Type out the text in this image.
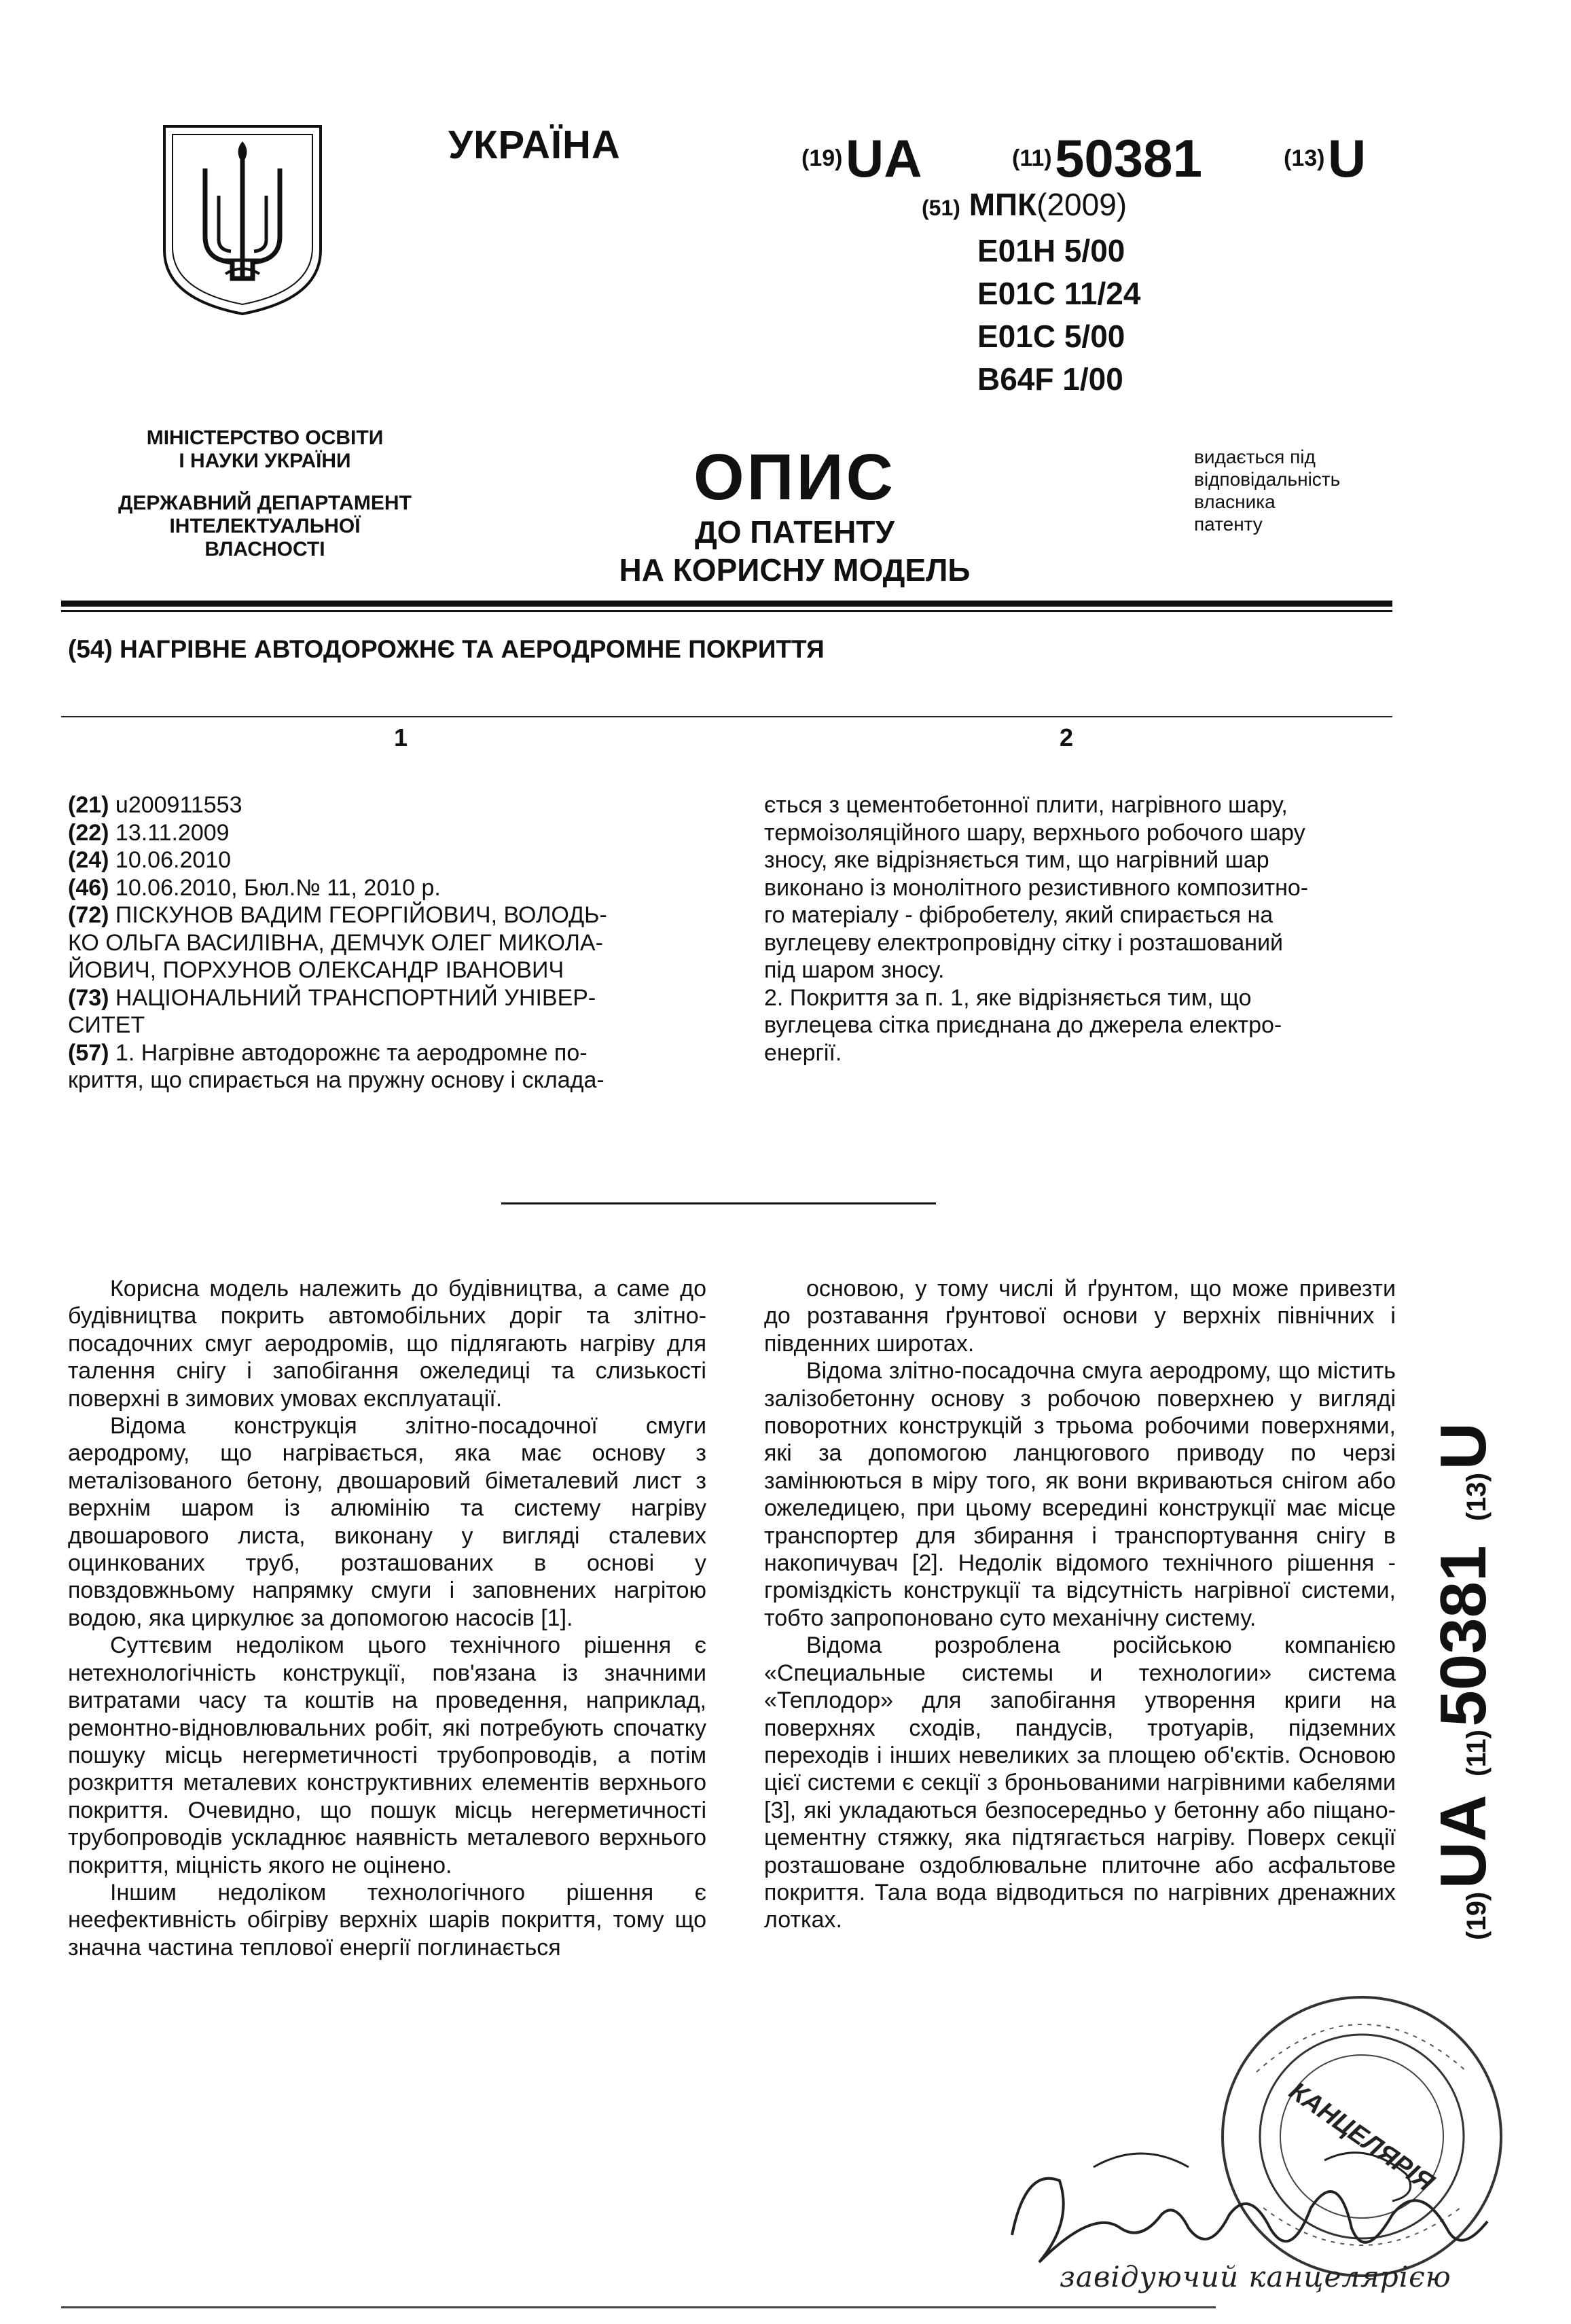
УКРАЇНА	(19) UA	(11) 50381	(13) U
(51) МПК(2009)
E01H 5/00
E01C 11/24
E01C 5/00
B64F 1/00

МІНІСТЕРСТВО ОСВІТИ
І НАУКИ УКРАЇНИ

ДЕРЖАВНИЙ ДЕПАРТАМЕНТ
ІНТЕЛЕКТУАЛЬНОЇ
ВЛАСНОСТІ

ОПИС
ДО ПАТЕНТУ
НА КОРИСНУ МОДЕЛЬ
видається під
відповідальність
власника
патенту
(54) НАГРІВНЕ АВТОДОРОЖНЄ ТА АЕРОДРОМНЕ ПОКРИТТЯ
1	2
(21) u200911553
(22) 13.11.2009
(24) 10.06.2010
(46) 10.06.2010, Бюл.№ 11, 2010 р.
(72) ПІСКУНОВ ВАДИМ ГЕОРГІЙОВИЧ, ВОЛОДЬ-
КО ОЛЬГА ВАСИЛІВНА, ДЕМЧУК ОЛЕГ МИКОЛА-
ЙОВИЧ, ПОРХУНОВ ОЛЕКСАНДР ІВАНОВИЧ
(73) НАЦІОНАЛЬНИЙ ТРАНСПОРТНИЙ УНІВЕР-
СИТЕТ
(57) 1. Нагрівне автодорожнє та аеродромне по-
криття, що спирається на пружну основу і склада-
ється з цементобетонної плити, нагрівного шару,
термоізоляційного шару, верхнього робочого шару
зносу, яке відрізняється тим, що нагрівний шар
виконано із монолітного резистивного композитно-
го матеріалу - фібробетелу, який спирається на
вуглецеву електропровідну сітку і розташований
під шаром зносу.
2. Покриття за п. 1, яке відрізняється тим, що
вуглецева сітка приєднана до джерела електро-
енергії.

Корисна модель належить до будівництва, а саме до будівництва покрить автомобільних доріг та злітно-посадочних смуг аеродромів, що підлягають нагріву для талення снігу і запобігання ожеледиці та слизькості поверхні в зимових умовах експлуатації.

Відома конструкція злітно-посадочної смуги аеродрому, що нагрівається, яка має основу з металізованого бетону, двошаровий біметалевий лист з верхнім шаром із алюмінію та систему нагріву двошарового листа, виконану у вигляді сталевих оцинкованих труб, розташованих в основі у повздовжньому напрямку смуги і заповнених нагрітою водою, яка циркулює за допомогою насосів [1].

Суттєвим недоліком цього технічного рішення є нетехнологічність конструкції, пов'язана із значними витратами часу та коштів на проведення, наприклад, ремонтно-відновлювальних робіт, які потребують спочатку пошуку місць негерметичності трубопроводів, а потім розкриття металевих конструктивних елементів верхнього покриття. Очевидно, що пошук місць негерметичності трубопроводів ускладнює наявність металевого верхнього покриття, міцність якого не оцінено.

Іншим недоліком технологічного рішення є неефективність обігріву верхніх шарів покриття, тому що значна частина теплової енергії поглинається

основою, у тому числі й ґрунтом, що може привезти до розтавання ґрунтової основи у верхніх північних і південних широтах.

Відома злітно-посадочна смуга аеродрому, що містить залізобетонну основу з робочою поверхнею у вигляді поворотних конструкцій з трьома робочими поверхнями, які за допомогою ланцюгового приводу по черзі замінюються в міру того, як вони вкриваються снігом або ожеледицею, при цьому всередині конструкції має місце транспортер для збирання і транспортування снігу в накопичувач [2]. Недолік відомого технічного рішення - громіздкість конструкції та відсутність нагрівної системи, тобто запропоновано суто механічну систему.

Відома розроблена російською компанією «Специальные системы и технологии» система «Теплодор» для запобігання утворення криги на поверхнях сходів, пандусів, тротуарів, підземних переходів і інших невеликих за площею об'єктів. Основою цієї системи є секції з броньованими нагрівними кабелями [3], які укладаються безпосередньо у бетонну або піщано-цементну стяжку, яка підтягається нагріву. Поверх секції розташоване оздоблювальне плиточне або асфальтове покриття. Тала вода відводиться по нагрівних дренажних лотках.	(19) UA      (11) 50381        (13) U
КАНЦЕЛЯРІЯ
завідуючий канцелярією
